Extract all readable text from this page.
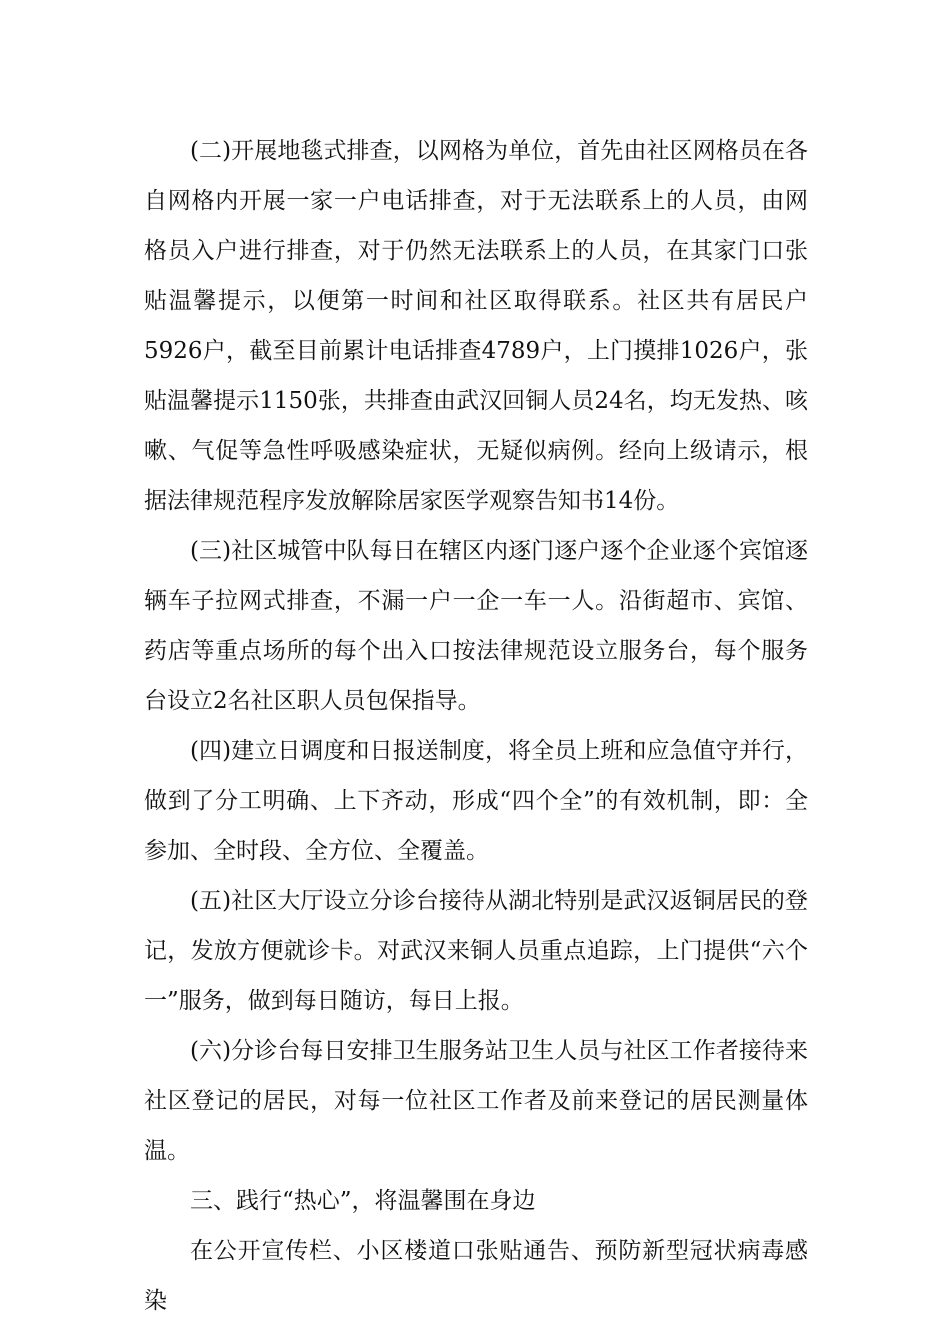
(二)开展地毯式排查，以网格为单位，首先由社区网格员在各自网格内开展一家一户电话排查，对于无法联系上的人员，由网格员入户进行排查，对于仍然无法联系上的人员，在其家门口张贴温馨提示，以便第一时间和社区取得联系。社区共有居民户5926户，截至目前累计电话排查4789户，上门摸排1026户，张贴温馨提示1150张，共排查由武汉回铜人员24名，均无发热、咳嗽、气促等急性呼吸感染症状，无疑似病例。经向上级请示，根据法律规范程序发放解除居家医学观察告知书14份。

(三)社区城管中队每日在辖区内逐门逐户逐个企业逐个宾馆逐辆车子拉网式排查，不漏一户一企一车一人。沿街超市、宾馆、药店等重点场所的每个出入口按法律规范设立服务台，每个服务台设立2名社区职人员包保指导。

(四)建立日调度和日报送制度，将全员上班和应急值守并行，做到了分工明确、上下齐动，形成“四个全”的有效机制，即：全参加、全时段、全方位、全覆盖。

(五)社区大厅设立分诊台接待从湖北特别是武汉返铜居民的登记，发放方便就诊卡。对武汉来铜人员重点追踪，上门提供“六个一”服务，做到每日随访，每日上报。

(六)分诊台每日安排卫生服务站卫生人员与社区工作者接待来社区登记的居民，对每一位社区工作者及前来登记的居民测量体温。

三、践行“热心”，将温馨围在身边

在公开宣传栏、小区楼道口张贴通告、预防新型冠状病毒感染
